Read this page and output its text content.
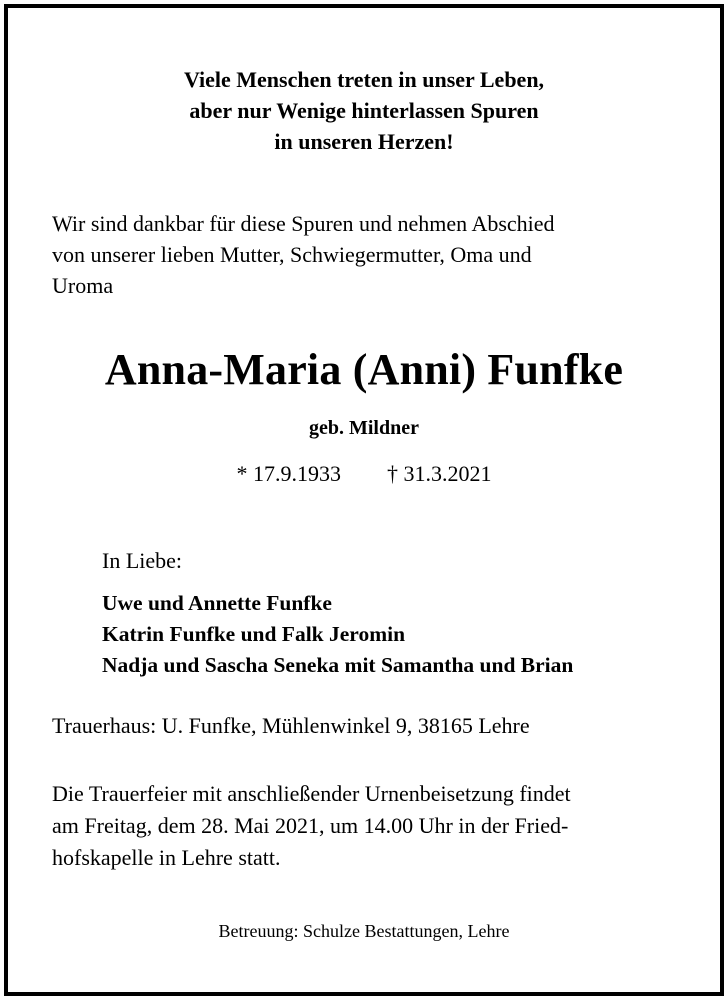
Viele Menschen treten in unser Leben,
aber nur Wenige hinterlassen Spuren
in unseren Herzen!
Wir sind dankbar für diese Spuren und nehmen Abschied
von unserer lieben Mutter, Schwiegermutter, Oma und
Uroma
Anna-Maria (Anni) Funfke
geb. Mildner
* 17.9.1933 † 31.3.2021
In Liebe:
Uwe und Annette Funfke
Katrin Funfke und Falk Jeromin
Nadja und Sascha Seneka mit Samantha und Brian
Trauerhaus: U. Funfke, Mühlenwinkel 9, 38165 Lehre
Die Trauerfeier mit anschließender Urnenbeisetzung findet
am Freitag, dem 28. Mai 2021, um 14.00 Uhr in der Fried-
hofskapelle in Lehre statt.
Betreuung: Schulze Bestattungen, Lehre
